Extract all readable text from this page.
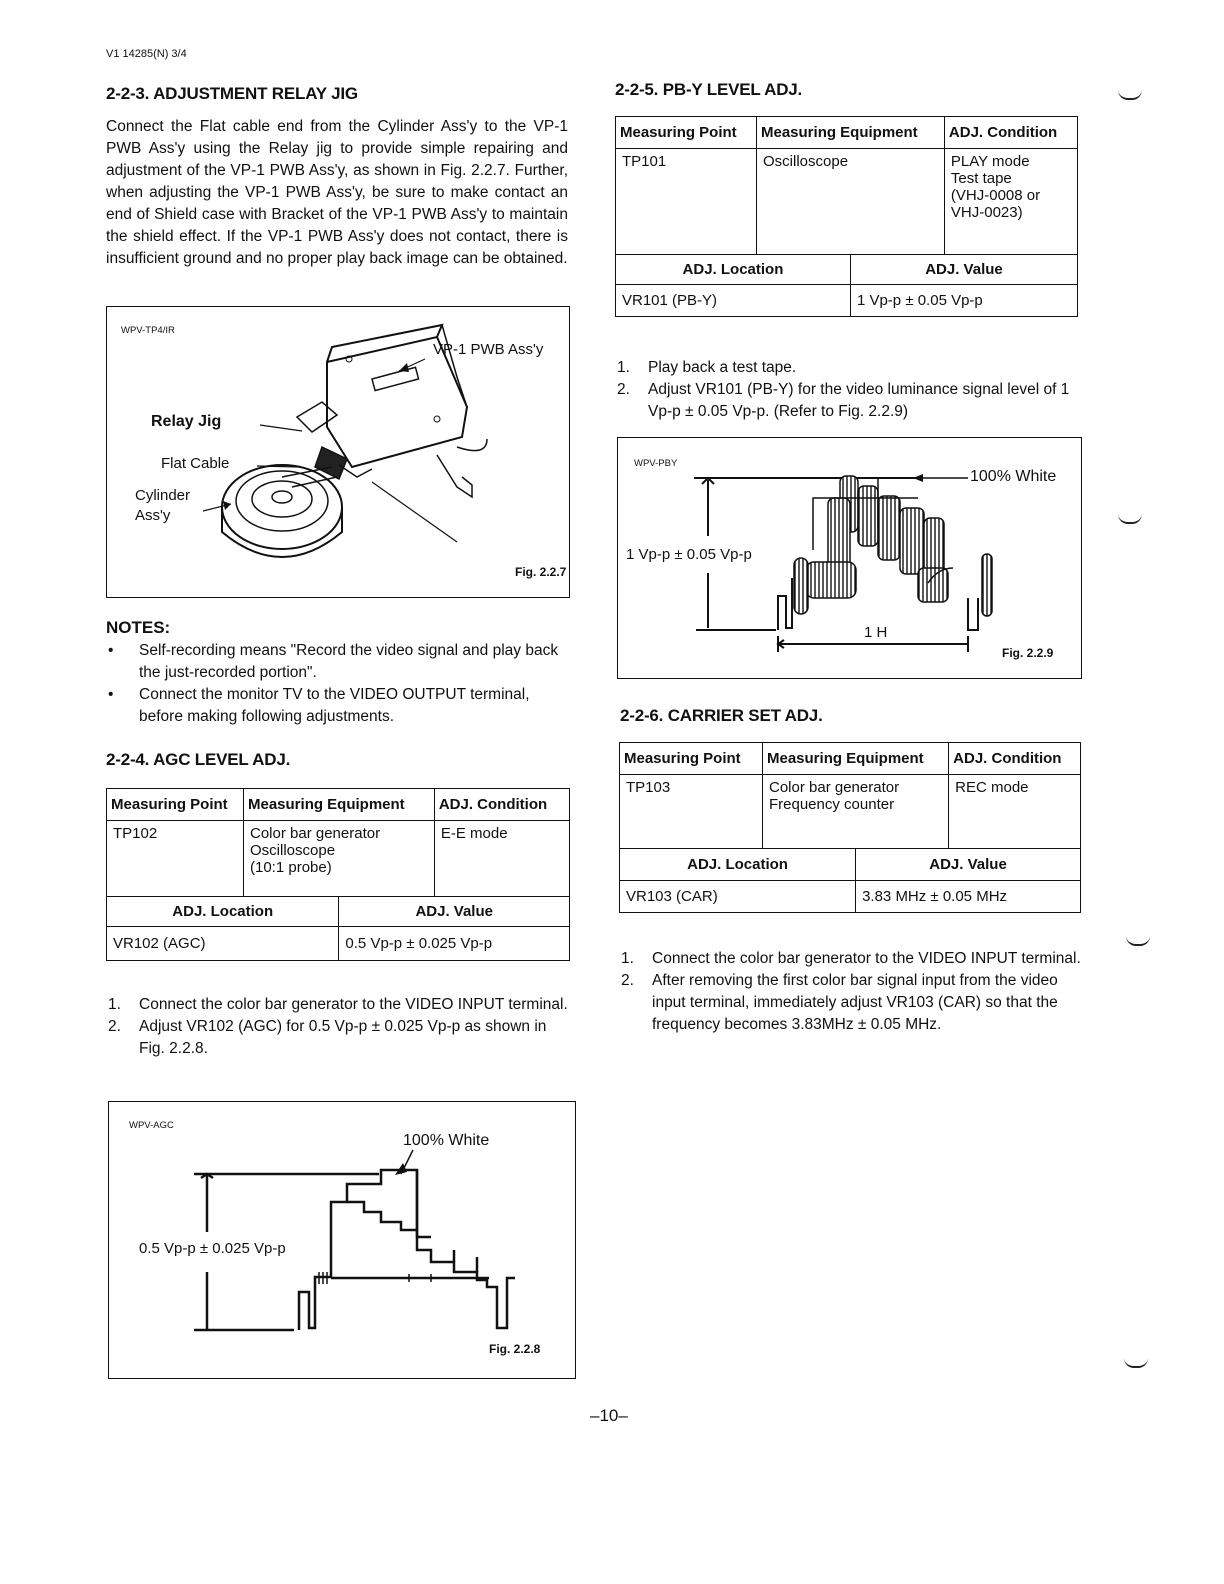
V1 14285(N) 3/4
2-2-3. ADJUSTMENT RELAY JIG
Connect the Flat cable end from the Cylinder Ass'y to the VP-1 PWB Ass'y using the Relay jig to provide simple repairing and adjustment of the VP-1 PWB Ass'y, as shown in Fig. 2.2.7. Further, when adjusting the VP-1 PWB Ass'y, be sure to make contact an end of Shield case with Bracket of the VP-1 PWB Ass'y to maintain the shield effect. If the VP-1 PWB Ass'y does not contact, there is insufficient ground and no proper play back image can be obtained.
WPV-TP4/IR
VP-1 PWB Ass'y
Relay Jig
Flat Cable
Cylinder
Ass'y
Fig. 2.2.7
NOTES:
• Self-recording means "Record the video signal and play back the just-recorded portion".
• Connect the monitor TV to the VIDEO OUTPUT terminal, before making following adjustments.
2-2-4. AGC LEVEL ADJ.
Measuring Point	Measuring Equipment		ADJ. Condition
TP102	Color bar generator
Oscilloscope
(10:1 probe)		E-E mode
ADJ. Location		ADJ. Value	
VR102 (AGC)		0.5 Vp-p ± 0.025 Vp-p	
1. Connect the color bar generator to the VIDEO INPUT terminal.
2. Adjust VR102 (AGC) for 0.5 Vp-p ± 0.025 Vp-p as shown in Fig. 2.2.8.
WPV-AGC
100% White
0.5 Vp-p ± 0.025 Vp-p
Fig. 2.2.8
2-2-5. PB-Y LEVEL ADJ.
Measuring Point	Measuring Equipment		ADJ. Condition
TP101	Oscilloscope		PLAY mode
Test tape
(VHJ-0008 or
VHJ-0023)

ADJ. Location		ADJ. Value	
VR101 (PB-Y)		1 Vp-p ± 0.05 Vp-p	
1. Play back a test tape.
2. Adjust VR101 (PB-Y) for the video luminance signal level of 1 Vp-p ± 0.05 Vp-p. (Refer to Fig. 2.2.9)
WPV-PBY
100% White
1 Vp-p ± 0.05 Vp-p
1 H
Fig. 2.2.9
2-2-6. CARRIER SET ADJ.
Measuring Point	Measuring Equipment		ADJ. Condition
TP103	Color bar generator
Frequency counter		REC mode
ADJ. Location		ADJ. Value	
VR103 (CAR)		3.83 MHz ± 0.05 MHz	
1. Connect the color bar generator to the VIDEO INPUT terminal.
2. After removing the first color bar signal input from the video input terminal, immediately adjust VR103 (CAR) so that the frequency becomes 3.83MHz ± 0.05 MHz.
–10–
